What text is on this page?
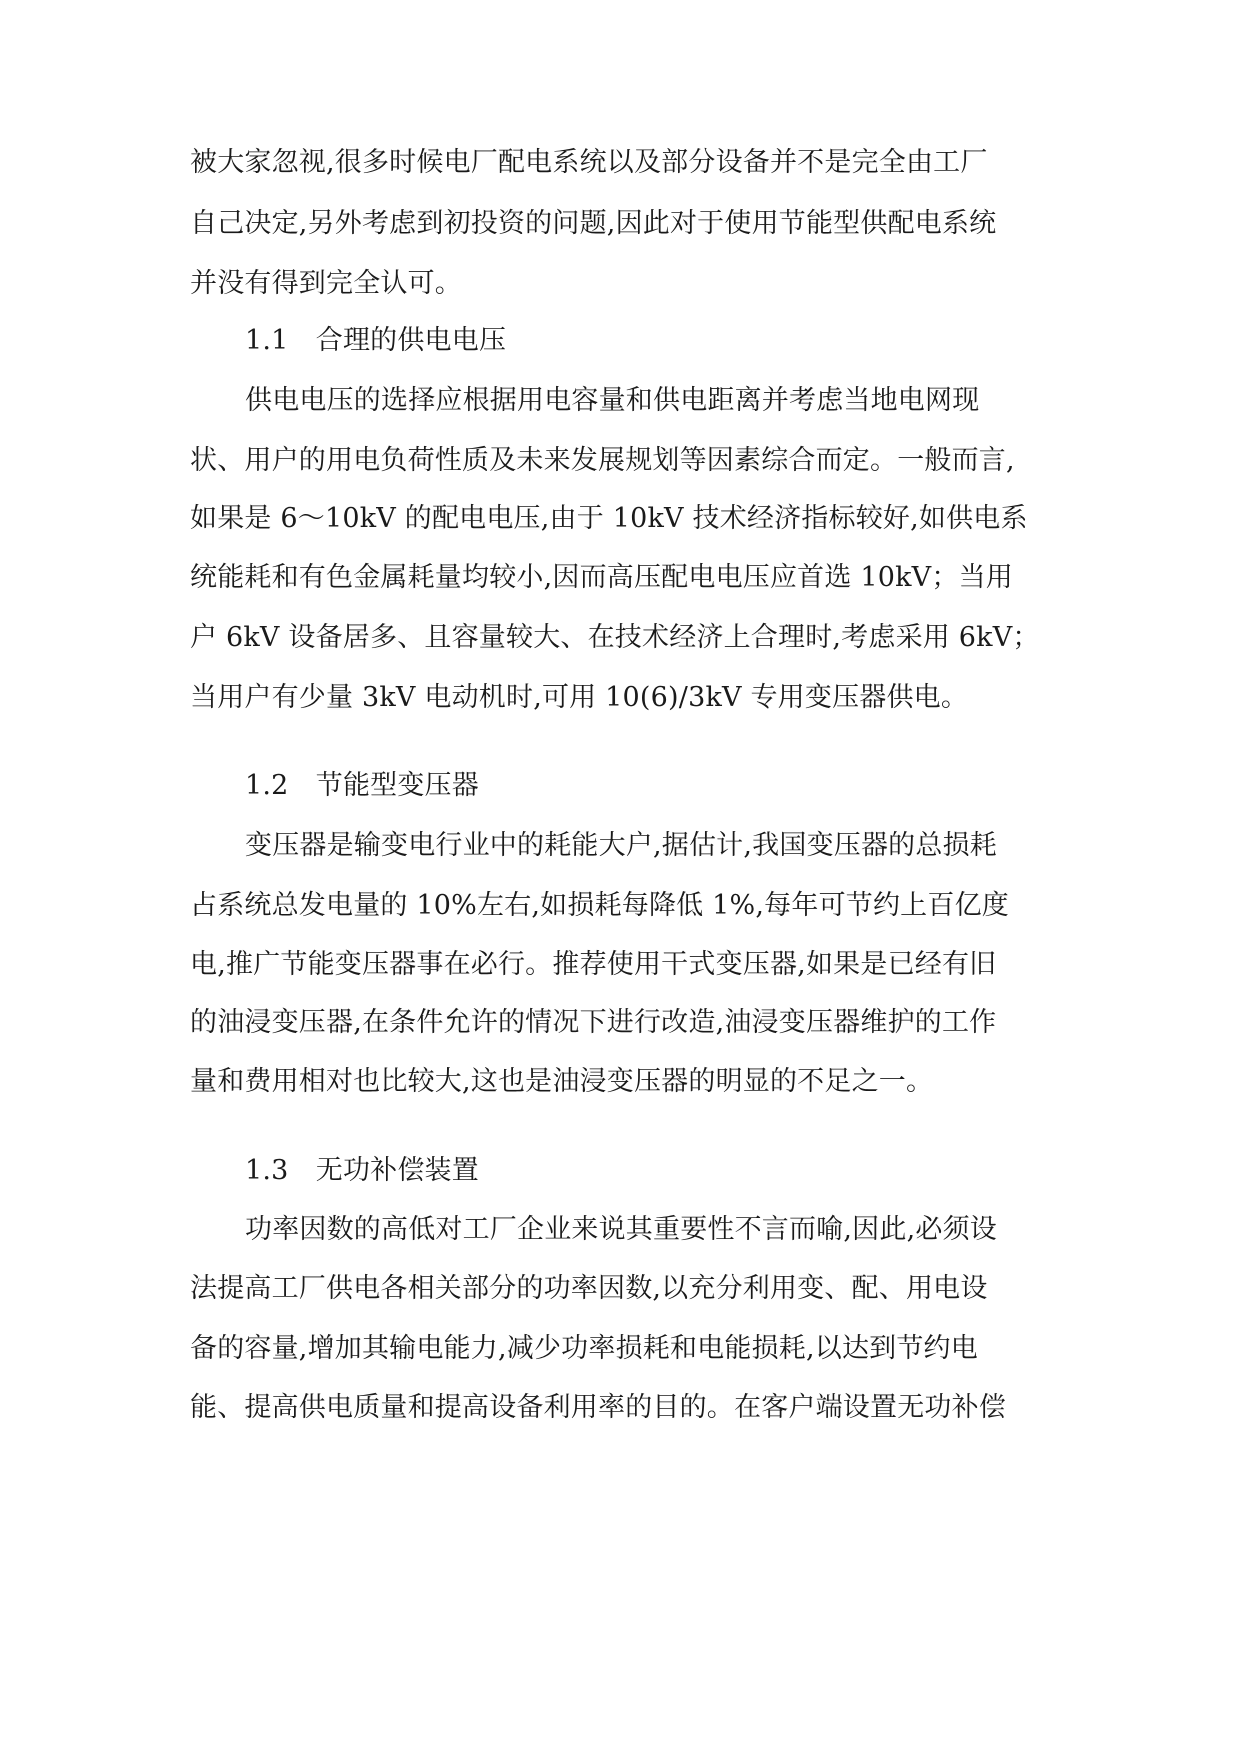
被大家忽视,很多时候电厂配电系统以及部分设备并不是完全由工厂
自己决定,另外考虑到初投资的问题,因此对于使用节能型供配电系统
并没有得到完全认可。
1.1　合理的供电电压
供电电压的选择应根据用电容量和供电距离并考虑当地电网现
状、用户的用电负荷性质及未来发展规划等因素综合而定。一般而言,
如果是 6～10kV 的配电电压,由于 10kV 技术经济指标较好,如供电系
统能耗和有色金属耗量均较小,因而高压配电电压应首选 10kV；当用
户 6kV 设备居多、且容量较大、在技术经济上合理时,考虑采用 6kV；
当用户有少量 3kV 电动机时,可用 10(6)/3kV 专用变压器供电。
1.2　节能型变压器
变压器是输变电行业中的耗能大户,据估计,我国变压器的总损耗
占系统总发电量的 10%左右,如损耗每降低 1%,每年可节约上百亿度
电,推广节能变压器事在必行。推荐使用干式变压器,如果是已经有旧
的油浸变压器,在条件允许的情况下进行改造,油浸变压器维护的工作
量和费用相对也比较大,这也是油浸变压器的明显的不足之一。
1.3　无功补偿装置
功率因数的高低对工厂企业来说其重要性不言而喻,因此,必须设
法提高工厂供电各相关部分的功率因数,以充分利用变、配、用电设
备的容量,增加其输电能力,减少功率损耗和电能损耗,以达到节约电
能、提高供电质量和提高设备利用率的目的。在客户端设置无功补偿
